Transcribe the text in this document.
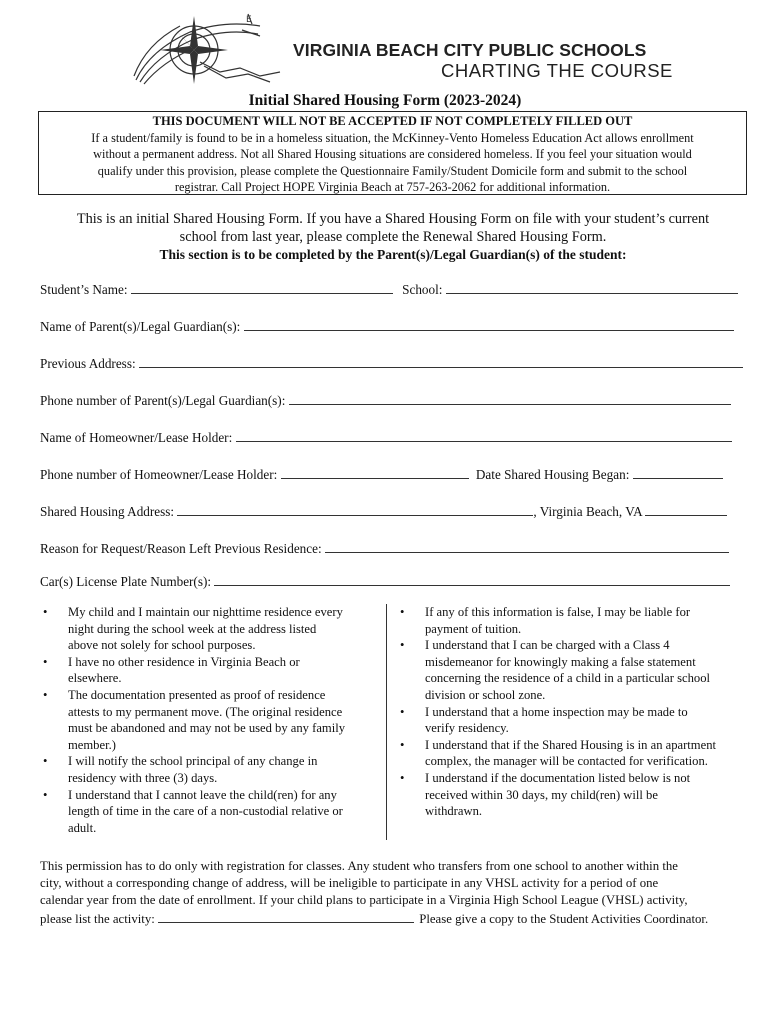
E
VIRGINIA BEACH CITY PUBLIC SCHOOLS
CHARTING THE COURSE
Initial Shared Housing Form (2023-2024)
THIS DOCUMENT WILL NOT BE ACCEPTED IF NOT COMPLETELY FILLED OUT
If a student/family is found to be in a homeless situation, the McKinney-Vento Homeless Education Act allows enrollment
without a permanent address. Not all Shared Housing situations are considered homeless. If you feel your situation would
qualify under this provision, please complete the Questionnaire Family/Student Domicile form and submit to the school
registrar. Call Project HOPE Virginia Beach at 757-263-2062 for additional information.
This is an initial Shared Housing Form. If you have a Shared Housing Form on file with your student’s current
school from last year, please complete the Renewal Shared Housing Form.
This section is to be completed by the Parent(s)/Legal Guardian(s) of the student:
Student’s Name:	School:
Name of Parent(s)/Legal Guardian(s):
Previous Address:
Phone number of Parent(s)/Legal Guardian(s):
Name of Homeowner/Lease Holder:
Phone number of Homeowner/Lease Holder:	Date Shared Housing Began:
Shared Housing Address:	, Virginia Beach, VA
Reason for Request/Reason Left Previous Residence:
Car(s) License Plate Number(s):
• My child and I maintain our nighttime residence every
night during the school week at the address listed
above not solely for school purposes.
• I have no other residence in Virginia Beach or
elsewhere.
• The documentation presented as proof of residence
attests to my permanent move. (The original residence
must be abandoned and may not be used by any family
member.)
• I will notify the school principal of any change in
residency with three (3) days.
• I understand that I cannot leave the child(ren) for any
length of time in the care of a non-custodial relative or
adult.
• If any of this information is false, I may be liable for
payment of tuition.
• I understand that I can be charged with a Class 4
misdemeanor for knowingly making a false statement
concerning the residence of a child in a particular school
division or school zone.
• I understand that a home inspection may be made to
verify residency.
• I understand that if the Shared Housing is in an apartment
complex, the manager will be contacted for verification.
• I understand if the documentation listed below is not
received within 30 days, my child(ren) will be
withdrawn.
This permission has to do only with registration for classes. Any student who transfers from one school to another within the
city, without a corresponding change of address, will be ineligible to participate in any VHSL activity for a period of one
calendar year from the date of enrollment. If your child plans to participate in a Virginia High School League (VHSL) activity,
please list the activity:	Please give a copy to the Student Activities Coordinator.
